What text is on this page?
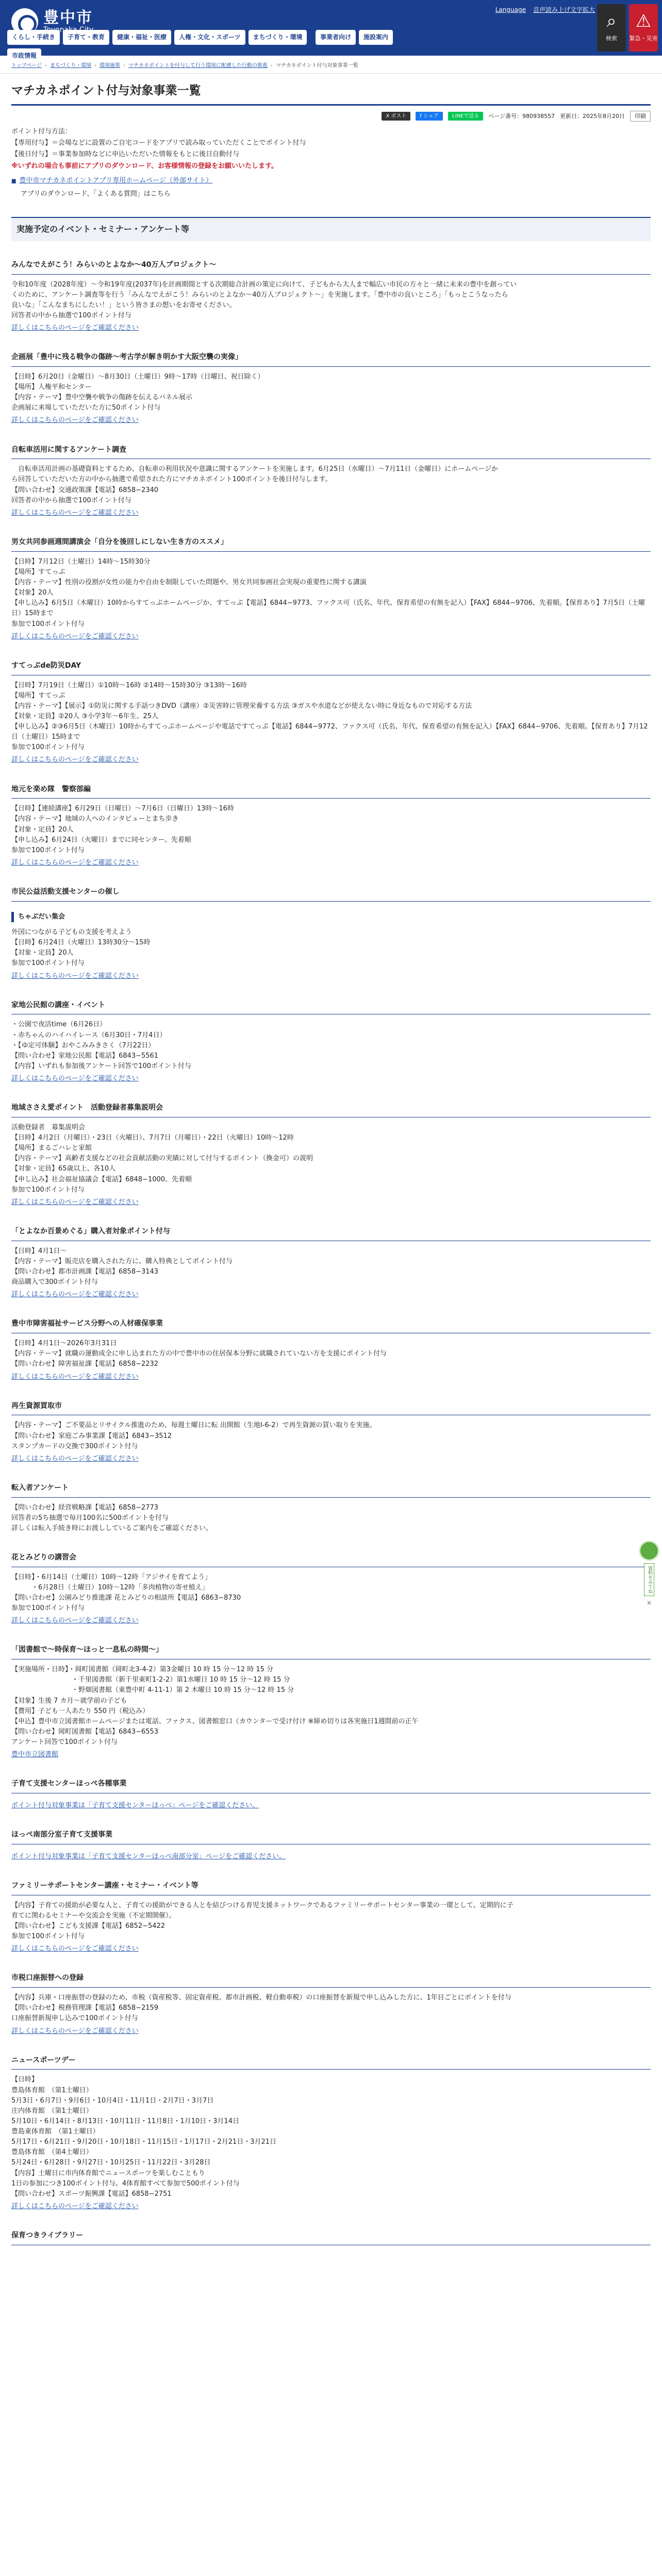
豊中市
Toyonaka
Language 音声読み上げ文字拡大
⌕
検索
⚠
緊急・災害
くらし・手続き	子育て・教育	健康・福祉・医療	人権・文化・スポーツ	まちづくり・環境
市政情報
事業者向け	施設案内
トップページ › まちづくり・環境 › 環境施策 › マチカネポイントを付与して行う環境に配慮した行動の推進 › マチカネポイント付与対象事業一覧
マチカネポイント付与対象事業一覧
X ポスト	f シェア	LINEで送る	ページ番号：980938557 更新日：2025年8月20日	印刷

ポイント付与方法：

【専用付与】＝会場などに設置のご自宅コードをアプリで読み取っていただくことでポイント付与

【後日付与】＝事業参加時などに申込いただいた情報をもとに後日自動付与

※いずれの場合も事前にアプリのダウンロード、お客様情報の登録をお願いいたします。

■ 豊中市マチカネポイントアプリ専用ホームページ（外部サイト）

アプリのダウンロード、「よくある質問」はこちら

実施予定のイベント・セミナー・アンケート等
みんなでえがこう！みらいのとよなか〜40万人プロジェクト〜

令和10年度（2028年度）〜令和19年度(2037年)を計画期間とする次期総合計画の策定に向けて、子どもから大人まで幅広い市民の方々と一緒に未来の豊中を創ってい

くのために、アンケート調査等を行う「みんなでえがこう！みらいのとよなか〜40万人プロジェクト〜」を実施します。「豊中市の良いところ」「もっとこうなったら

良いな」「こんなまちにしたい！」という皆さまの想いをお寄せください。

回答者の中から抽選で100ポイント付与

詳しくはこちらのページをご確認ください
企画展「豊中に残る戦争の傷跡〜考古学が解き明かす大阪空襲の実像」

【日時】6月20日（金曜日）〜8月30日（土曜日）9時〜17時（日曜日、祝日除く）

【場所】人権平和センター

【内容・テーマ】豊中空襲や戦争の傷跡を伝えるパネル展示

企画展に来場していただいた方に50ポイント付与

詳しくはこちらのページをご確認ください
自転車活用に関するアンケート調査

　自転車活用計画の基礎資料とするため、自転車の利用状況や意識に関するアンケートを実施します。6月25日（水曜日）〜7月11日（金曜日）にホームページか

ら回答していただいた方の中から抽選で希望された方にマチカネポイント100ポイントを後日付与します。

【問い合わせ】交通政策課【電話】6858−2340

回答者の中から抽選で100ポイント付与

詳しくはこちらのページをご確認ください
男女共同参画週間講演会「自分を後回しにしない生き方のススメ」

【日時】7月12日（土曜日）14時〜15時30分

【場所】すてっぷ

【内容・テーマ】性別の役割が女性の能力や自由を制限していた問題や、男女共同参画社会実現の重要性に関する講演

【対象】20人

【申し込み】6月5日（木曜日）10時からすてっぷホームページか、すてっぷ【電話】6844−9773、ファクス可（氏名、年代、保育希望の有無を記入）【FAX】6844−9706、先着順。【保育あり】7月5日（土曜日）15時まで

参加で100ポイント付与

詳しくはこちらのページをご確認ください
すてっぷde防災DAY

【日時】7月19日（土曜日）①10時〜16時 ②14時〜15時30分 ③13時〜16時

【場所】すてっぷ

【内容・テーマ】【展示】①防災に関する手話つきDVD（講座）②災害時に管理栄養する方法 ③ガスや水道などが使えない時に身近なもので対応する方法

【対象・定員】②20人 ③小学3年〜6年生、25人

【申し込み】②③6月5日（木曜日）10時からすてっぷホームページや電話ですてっぷ【電話】6844−9772、ファクス可（氏名、年代、保育希望の有無を記入）【FAX】6844−9706、先着順。【保育あり】7月12日（土曜日）15時まで

参加で100ポイント付与

詳しくはこちらのページをご確認ください
地元を楽め隊　警察部編

【日時】【連続講座】6月29日（日曜日）〜7月6日（日曜日）13時〜16時

【内容・テーマ】地域の人へのインタビューとまち歩き

【対象・定員】20人

【申し込み】6月24日（火曜日）までに同センター、先着順

参加で100ポイント付与

詳しくはこちらのページをご確認ください
市民公益活動支援センターの催し
ちゃぶだい集会

外国につながる子どもの支援を考えよう

【日時】6月24日（火曜日）13時30分〜15時

【対象・定員】20人

参加で100ポイント付与

詳しくはこちらのページをご確認ください
家地公民館の講座・イベント

・公園で夜活time（6月26日）

・赤ちゃんのハイハイレース（6月30日・7月4日）

・【ゆ定可体験】おやこみみきさく（7月22日）

【問い合わせ】家地公民館【電話】6843−5561

【内容】いずれも参加後アンケート回答で100ポイント付与

詳しくはこちらのページをご確認ください
地域ささえ愛ポイント　活動登録者募集説明会

活動登録者　募集説明会

【日時】4月2日（月曜日）・23日（火曜日）、7月7日（月曜日）・22日（火曜日）10時〜12時

【場所】まるごハレと家館

【内容・テーマ】高齢者支援などの社会貢献活動の実績に対して付与するポイント（換金可）の説明

【対象・定員】65歳以上、各10人

【申し込み】社会福祉協議会【電話】6848−1000、先着順

参加で100ポイント付与

詳しくはこちらのページをご確認ください
「とよなか百景めぐる」購入者対象ポイント付与

【日時】4月1日〜

【内容・テーマ】販売店を購入された方に、購入特典としてポイント付与

【問い合わせ】都市計画課【電話】6858−3143

商品購入で300ポイント付与

詳しくはこちらのページをご確認ください
豊中市障害福祉サービス分野への人材確保事業

【日時】4月1日〜2026年3月31日

【内容・テーマ】就職の運動成全に申し込まれた方の中で豊中市の住居保本分野に就職されていない方を支援にポイント付与

【問い合わせ】障害福祉課【電話】6858−2232

詳しくはこちらのページをご確認ください
再生資源買取市

【内容・テーマ】ご不要品とリサイクル推進のため、毎週土曜日に転 出開館（生地Ⅰ-6-2）で再生資源の買い取りを実施。

【問い合わせ】家庭ごみ事業課【電話】6843−3512

スタンプカードの交換で300ポイント付与

詳しくはこちらのページをご確認ください
転入者アンケート

【問い合わせ】経営戦略課【電話】6858−2773

回答者の5ち抽選で毎月100名に500ポイントを付与

詳しくは転入手続き時にお渡ししているご案内をご確認ください。

花とみどりの講習会

【日時】・6月14日（土曜日）10時〜12時「アジサイを育てよう」

　　　・6月28日（土曜日）10時〜12時「多肉植物の寄せ植え」

【問い合わせ】公園みどり推進課 花とみどりの相談所【電話】6863−8730

参加で100ポイント付与

詳しくはこちらのページをご確認ください
「図書館で〜時保育〜ほっと一息私の時間〜」

【実施場所・日時】・岡町図書館（岡町北3-4-2）第3金曜日 10 時 15 分〜12 時 15 分

　　　　　　　　　・千里図書館（新千里東町1-2-2）第1水曜日 10 時 15 分〜12 時 15 分

　　　　　　　　　・野畑図書館（東豊中町 4-11-1）第 2 木曜日 10 時 15 分〜12 時 15 分

【対象】生後 7 カ月〜就学前の子ども

【費用】子ども一人あたり 550 円（税込み）

【申込】豊中市立図書館ホームページまたは電話、ファクス、図書館窓口（カウンターで受け付け ※締め切りは各実施日1週間前の正午

【問い合わせ】岡町図書館【電話】6843−6553

アンケート回答で100ポイント付与

豊中市立図書館
子育て支援センターほっぺ各種事業
ポイント付与対象事業は「子育て支援センターほっぺ」ページをご確認ください。
ほっぺ南部分室子育て支援事業
ポイント付与対象事業は「子育て支援センターほっぺ南部分室」ページをご確認ください。
ファミリーサポートセンター講座・セミナー・イベント等

【内容】子育ての援助が必要な人と、子育ての援助ができる人とを結びつける育児支援ネットワークであるファミリーサポートセンター事業の一環として、定期的に子

育てに関わるセミナーや交流会を実施（不定期開催）。

【問い合わせ】こども支援課【電話】6852−5422

参加で100ポイント付与

詳しくはこちらのページをご確認ください
市税口座振替への登録

【内容】兵庫・口座振替の登録のため、市税（資産税等、固定資産税、都市計画税、軽自動車税）の口座振替を新規で申し込みした方に、1年目ごとにポイントを付与

【問い合わせ】税務管理課【電話】6858−2159

口座振替新規申し込みで100ポイント付与

詳しくはこちらのページをご確認ください
ニュースポーツデー

【日時】

豊島体育館　（第1土曜日）

5月3日・6月7日・9月6日・10月4日・11月1日・2月7日・3月7日

庄内体育館　（第1土曜日）

5月10日・6月14日・8月13日・10月11日・11月8日・1月10日・3月14日

豊島東体育館　（第1土曜日）

5月17日・6月21日・9月20日・10月18日・11月15日・1月17日・2月21日・3月21日

豊島体育館　（第4土曜日）

5月24日・6月28日・9月27日・10月25日・11月22日・3月28日

【内容】土曜日に市内体育館でニュースポーツを楽しむこともり

1日の参加につき100ポイント付与。4体育館すべて参加で500ポイント付与

【問い合わせ】スポーツ振興課【電話】6858−2751

詳しくはこちらのページをご確認ください
保育つきライブラリー
資料をみてね
×
